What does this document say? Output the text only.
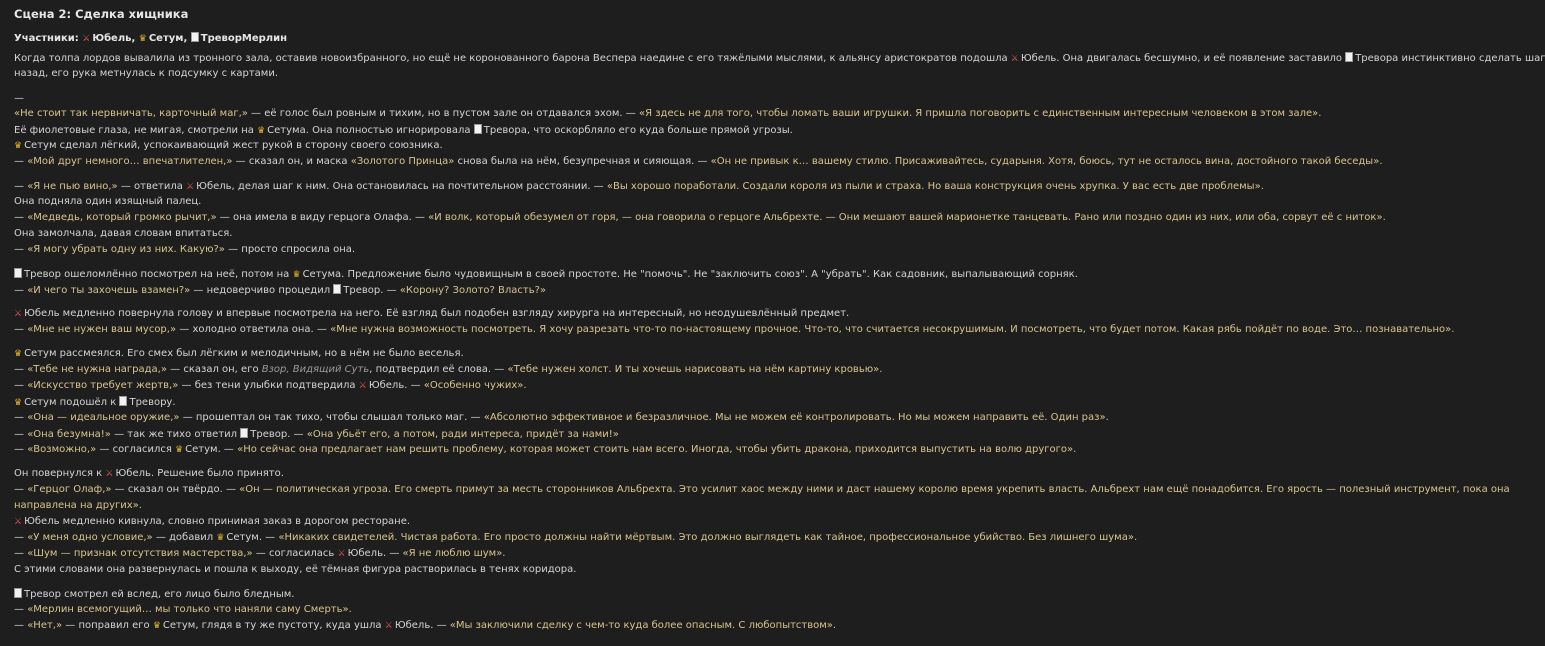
Сцена 2: Сделка хищника
Участники: ⚔ Юбель, ♛ Сетум, ТреворМерлин
Когда толпа лордов вывалила из тронного зала, оставив новоизбранного, но ещё не коронованного барона Веспера наедине с его тяжёлыми мыслями, к альянсу аристократов подошла ⚔ Юбель. Она двигалась бесшумно, и её появление заставило Тревора инстинктивно сделать шаг
назад, его рука метнулась к подсумку с картами.
—
«Не стоит так нервничать, карточный маг,» — её голос был ровным и тихим, но в пустом зале он отдавался эхом. — «Я здесь не для того, чтобы ломать ваши игрушки. Я пришла поговорить с единственным интересным человеком в этом зале».
Её фиолетовые глаза, не мигая, смотрели на ♛ Сетума. Она полностью игнорировала Тревора, что оскорбляло его куда больше прямой угрозы.
♛ Сетум сделал лёгкий, успокаивающий жест рукой в сторону своего союзника.
— «Мой друг немного… впечатлителен,» — сказал он, и маска «Золотого Принца» снова была на нём, безупречная и сияющая. — «Он не привык к… вашему стилю. Присаживайтесь, сударыня. Хотя, боюсь, тут не осталось вина, достойного такой беседы».
— «Я не пью вино,» — ответила ⚔ Юбель, делая шаг к ним. Она остановилась на почтительном расстоянии. — «Вы хорошо поработали. Создали короля из пыли и страха. Но ваша конструкция очень хрупка. У вас есть две проблемы».
Она подняла один изящный палец.
— «Медведь, который громко рычит,» — она имела в виду герцога Олафа. — «И волк, который обезумел от горя, — она говорила о герцоге Альбрехте. — Они мешают вашей марионетке танцевать. Рано или поздно один из них, или оба, сорвут её с ниток».
Она замолчала, давая словам впитаться.
— «Я могу убрать одну из них. Какую?» — просто спросила она.
Тревор ошеломлённо посмотрел на неё, потом на ♛ Сетума. Предложение было чудовищным в своей простоте. Не "помочь". Не "заключить союз". А "убрать". Как садовник, выпалывающий сорняк.
— «И чего ты захочешь взамен?» — недоверчиво процедил Тревор. — «Корону? Золото? Власть?»
⚔ Юбель медленно повернула голову и впервые посмотрела на него. Её взгляд был подобен взгляду хирурга на интересный, но неодушевлённый предмет.
— «Мне не нужен ваш мусор,» — холодно ответила она. — «Мне нужна возможность посмотреть. Я хочу разрезать что-то по-настоящему прочное. Что-то, что считается несокрушимым. И посмотреть, что будет потом. Какая рябь пойдёт по воде. Это… познавательно».
♛ Сетум рассмеялся. Его смех был лёгким и мелодичным, но в нём не было веселья.
— «Тебе не нужна награда,» — сказал он, его Взор, Видящий Суть, подтвердил её слова. — «Тебе нужен холст. И ты хочешь нарисовать на нём картину кровью».
— «Искусство требует жертв,» — без тени улыбки подтвердила ⚔ Юбель. — «Особенно чужих».
♛ Сетум подошёл к Тревору.
— «Она — идеальное оружие,» — прошептал он так тихо, чтобы слышал только маг. — «Абсолютно эффективное и безразличное. Мы не можем её контролировать. Но мы можем направить её. Один раз».
— «Она безумна!» — так же тихо ответил Тревор. — «Она убьёт его, а потом, ради интереса, придёт за нами!»
— «Возможно,» — согласился ♛ Сетум. — «Но сейчас она предлагает нам решить проблему, которая может стоить нам всего. Иногда, чтобы убить дракона, приходится выпустить на волю другого».
Он повернулся к ⚔ Юбель. Решение было принято.
— «Герцог Олаф,» — сказал он твёрдо. — «Он — политическая угроза. Его смерть примут за месть сторонников Альбрехта. Это усилит хаос между ними и даст нашему королю время укрепить власть. Альбрехт нам ещё понадобится. Его ярость — полезный инструмент, пока она
направлена на других».
⚔ Юбель медленно кивнула, словно принимая заказ в дорогом ресторане.
— «У меня одно условие,» — добавил ♛ Сетум. — «Никаких свидетелей. Чистая работа. Его просто должны найти мёртвым. Это должно выглядеть как тайное, профессиональное убийство. Без лишнего шума».
— «Шум — признак отсутствия мастерства,» — согласилась ⚔ Юбель. — «Я не люблю шум».
С этими словами она развернулась и пошла к выходу, её тёмная фигура растворилась в тенях коридора.
Тревор смотрел ей вслед, его лицо было бледным.
— «Мерлин всемогущий… мы только что наняли саму Смерть».
— «Нет,» — поправил его ♛ Сетум, глядя в ту же пустоту, куда ушла ⚔ Юбель. — «Мы заключили сделку с чем-то куда более опасным. С любопытством».
